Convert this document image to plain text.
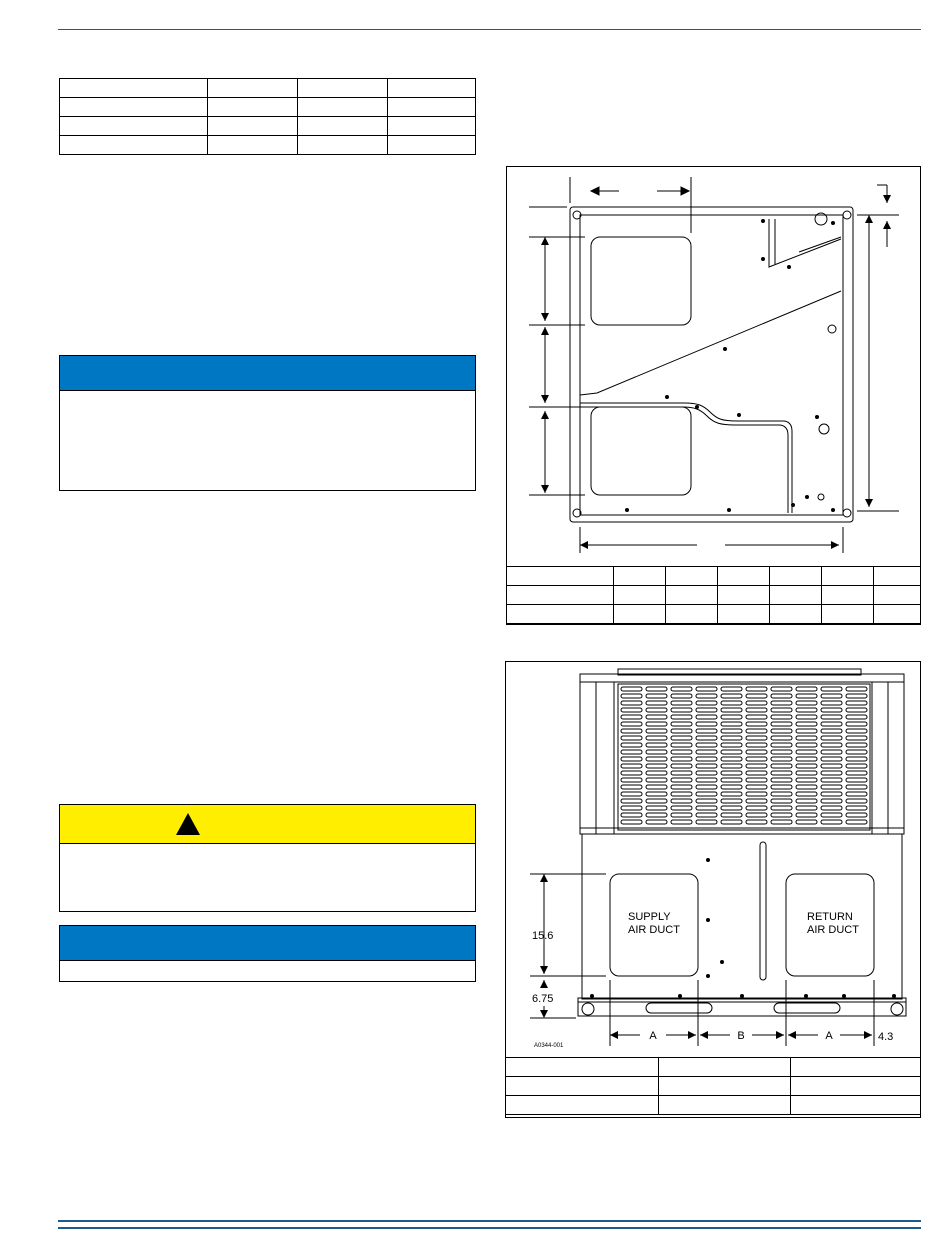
15.6
6.75
A	B	A	4.3
SUPPLY
AIR DUCT
RETURN
AIR DUCT
A0344-001
